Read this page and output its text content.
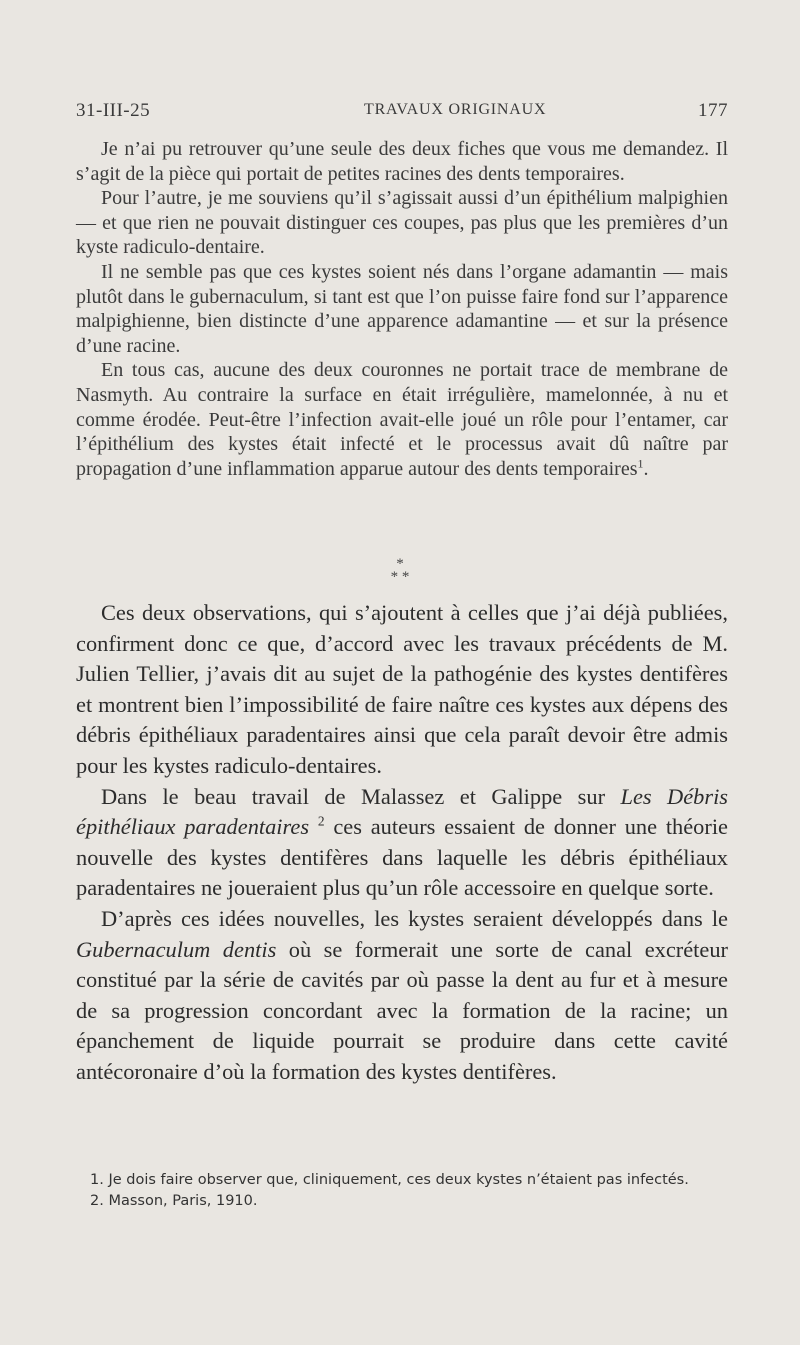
31-III-25	TRAVAUX ORIGINAUX	177

Je n’ai pu retrouver qu’une seule des deux fiches que vous me demandez. Il s’agit de la pièce qui portait de petites racines des dents temporaires.

Pour l’autre, je me souviens qu’il s’agissait aussi d’un épithélium malpighien — et que rien ne pouvait distinguer ces coupes, pas plus que les premières d’un kyste radiculo-dentaire.

Il ne semble pas que ces kystes soient nés dans l’organe adamantin — mais plutôt dans le gubernaculum, si tant est que l’on puisse faire fond sur l’apparence malpighienne, bien distincte d’une apparence adamantine — et sur la présence d’une racine.

En tous cas, aucune des deux couronnes ne portait trace de membrane de Nasmyth. Au contraire la surface en était irrégulière, mamelonnée, à nu et comme érodée. Peut-être l’infection avait-elle joué un rôle pour l’entamer, car l’épithélium des kystes était infecté et le processus avait dû naître par propagation d’une inflammation apparue autour des dents temporaires$^1$.

*
* *

Ces deux observations, qui s’ajoutent à celles que j’ai déjà publiées, confirment donc ce que, d’accord avec les travaux précédents de M. Julien Tellier, j’avais dit au sujet de la pathogénie des kystes dentifères et montrent bien l’impossibilité de faire naître ces kystes aux dépens des débris épithéliaux paradentaires ainsi que cela paraît devoir être admis pour les kystes radiculo-dentaires.

Dans le beau travail de Malassez et Galippe sur Les Débris épithéliaux paradentaires $^2$ ces auteurs essaient de donner une théorie nouvelle des kystes dentifères dans laquelle les débris épithéliaux paradentaires ne joueraient plus qu’un rôle accessoire en quelque sorte.

D’après ces idées nouvelles, les kystes seraient développés dans le Gubernaculum dentis où se formerait une sorte de canal excréteur constitué par la série de cavités par où passe la dent au fur et à mesure de sa progression concordant avec la formation de la racine; un épanchement de liquide pourrait se produire dans cette cavité antécoronaire d’où la formation des kystes dentifères.

1. Je dois faire observer que, cliniquement, ces deux kystes n’étaient pas infectés.
2. Masson, Paris, 1910.
